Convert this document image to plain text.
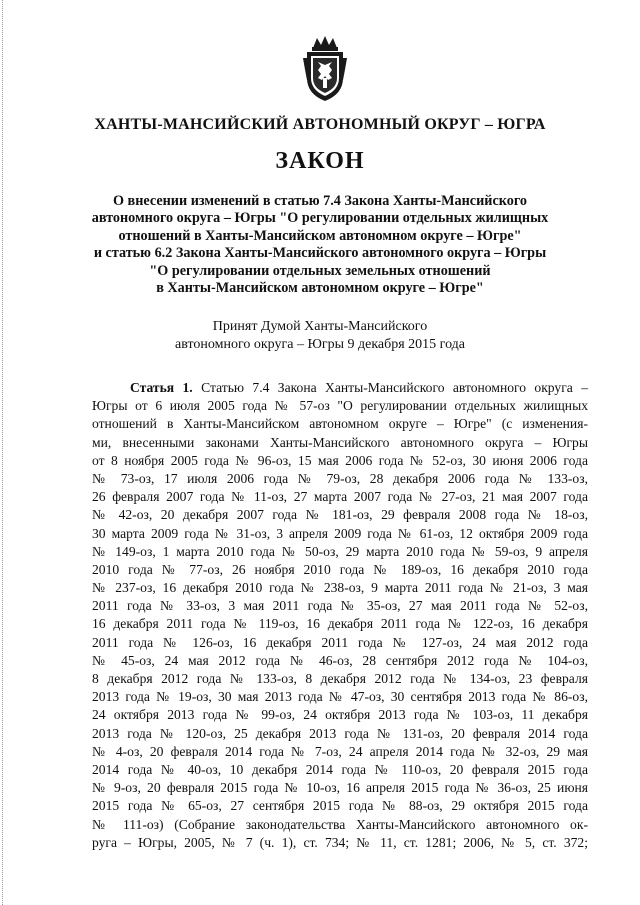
ХАНТЫ-МАНСИЙСКИЙ АВТОНОМНЫЙ ОКРУГ – ЮГРА
ЗАКОН
О внесении изменений в статью 7.4 Закона Ханты-Мансийского
автономного округа – Югры "О регулировании отдельных жилищных
отношений в Ханты-Мансийском автономном округе – Югре"
и статью 6.2 Закона Ханты-Мансийского автономного округа – Югры
"О регулировании отдельных земельных отношений
в Ханты-Мансийском автономном округе – Югре"
Принят Думой Ханты-Мансийского
автономного округа – Югры 9 декабря 2015 года
Статья 1. Статью 7.4 Закона Ханты-Мансийского автономного округа –
Югры от 6 июля 2005 года № 57-оз "О регулировании отдельных жилищных
отношений в Ханты-Мансийском автономном округе – Югре" (с изменения-
ми, внесенными законами Ханты-Мансийского автономного округа – Югры
от 8 ноября 2005 года № 96-оз, 15 мая 2006 года № 52-оз, 30 июня 2006 года
№ 73-оз, 17 июля 2006 года № 79-оз, 28 декабря 2006 года № 133-оз,
26 февраля 2007 года № 11-оз, 27 марта 2007 года № 27-оз, 21 мая 2007 года
№ 42-оз, 20 декабря 2007 года № 181-оз, 29 февраля 2008 года № 18-оз,
30 марта 2009 года № 31-оз, 3 апреля 2009 года № 61-оз, 12 октября 2009 года
№ 149-оз, 1 марта 2010 года № 50-оз, 29 марта 2010 года № 59-оз, 9 апреля
2010 года № 77-оз, 26 ноября 2010 года № 189-оз, 16 декабря 2010 года
№ 237-оз, 16 декабря 2010 года № 238-оз, 9 марта 2011 года № 21-оз, 3 мая
2011 года № 33-оз, 3 мая 2011 года № 35-оз, 27 мая 2011 года № 52-оз,
16 декабря 2011 года № 119-оз, 16 декабря 2011 года № 122-оз, 16 декабря
2011 года № 126-оз, 16 декабря 2011 года № 127-оз, 24 мая 2012 года
№ 45-оз, 24 мая 2012 года № 46-оз, 28 сентября 2012 года № 104-оз,
8 декабря 2012 года № 133-оз, 8 декабря 2012 года № 134-оз, 23 февраля
2013 года № 19-оз, 30 мая 2013 года № 47-оз, 30 сентября 2013 года № 86-оз,
24 октября 2013 года № 99-оз, 24 октября 2013 года № 103-оз, 11 декабря
2013 года № 120-оз, 25 декабря 2013 года № 131-оз, 20 февраля 2014 года
№ 4-оз, 20 февраля 2014 года № 7-оз, 24 апреля 2014 года № 32-оз, 29 мая
2014 года № 40-оз, 10 декабря 2014 года № 110-оз, 20 февраля 2015 года
№ 9-оз, 20 февраля 2015 года № 10-оз, 16 апреля 2015 года № 36-оз, 25 июня
2015 года № 65-оз, 27 сентября 2015 года № 88-оз, 29 октября 2015 года
№ 111-оз) (Собрание законодательства Ханты-Мансийского автономного ок-
руга – Югры, 2005, № 7 (ч. 1), ст. 734; № 11, ст. 1281; 2006, № 5, ст. 372;
